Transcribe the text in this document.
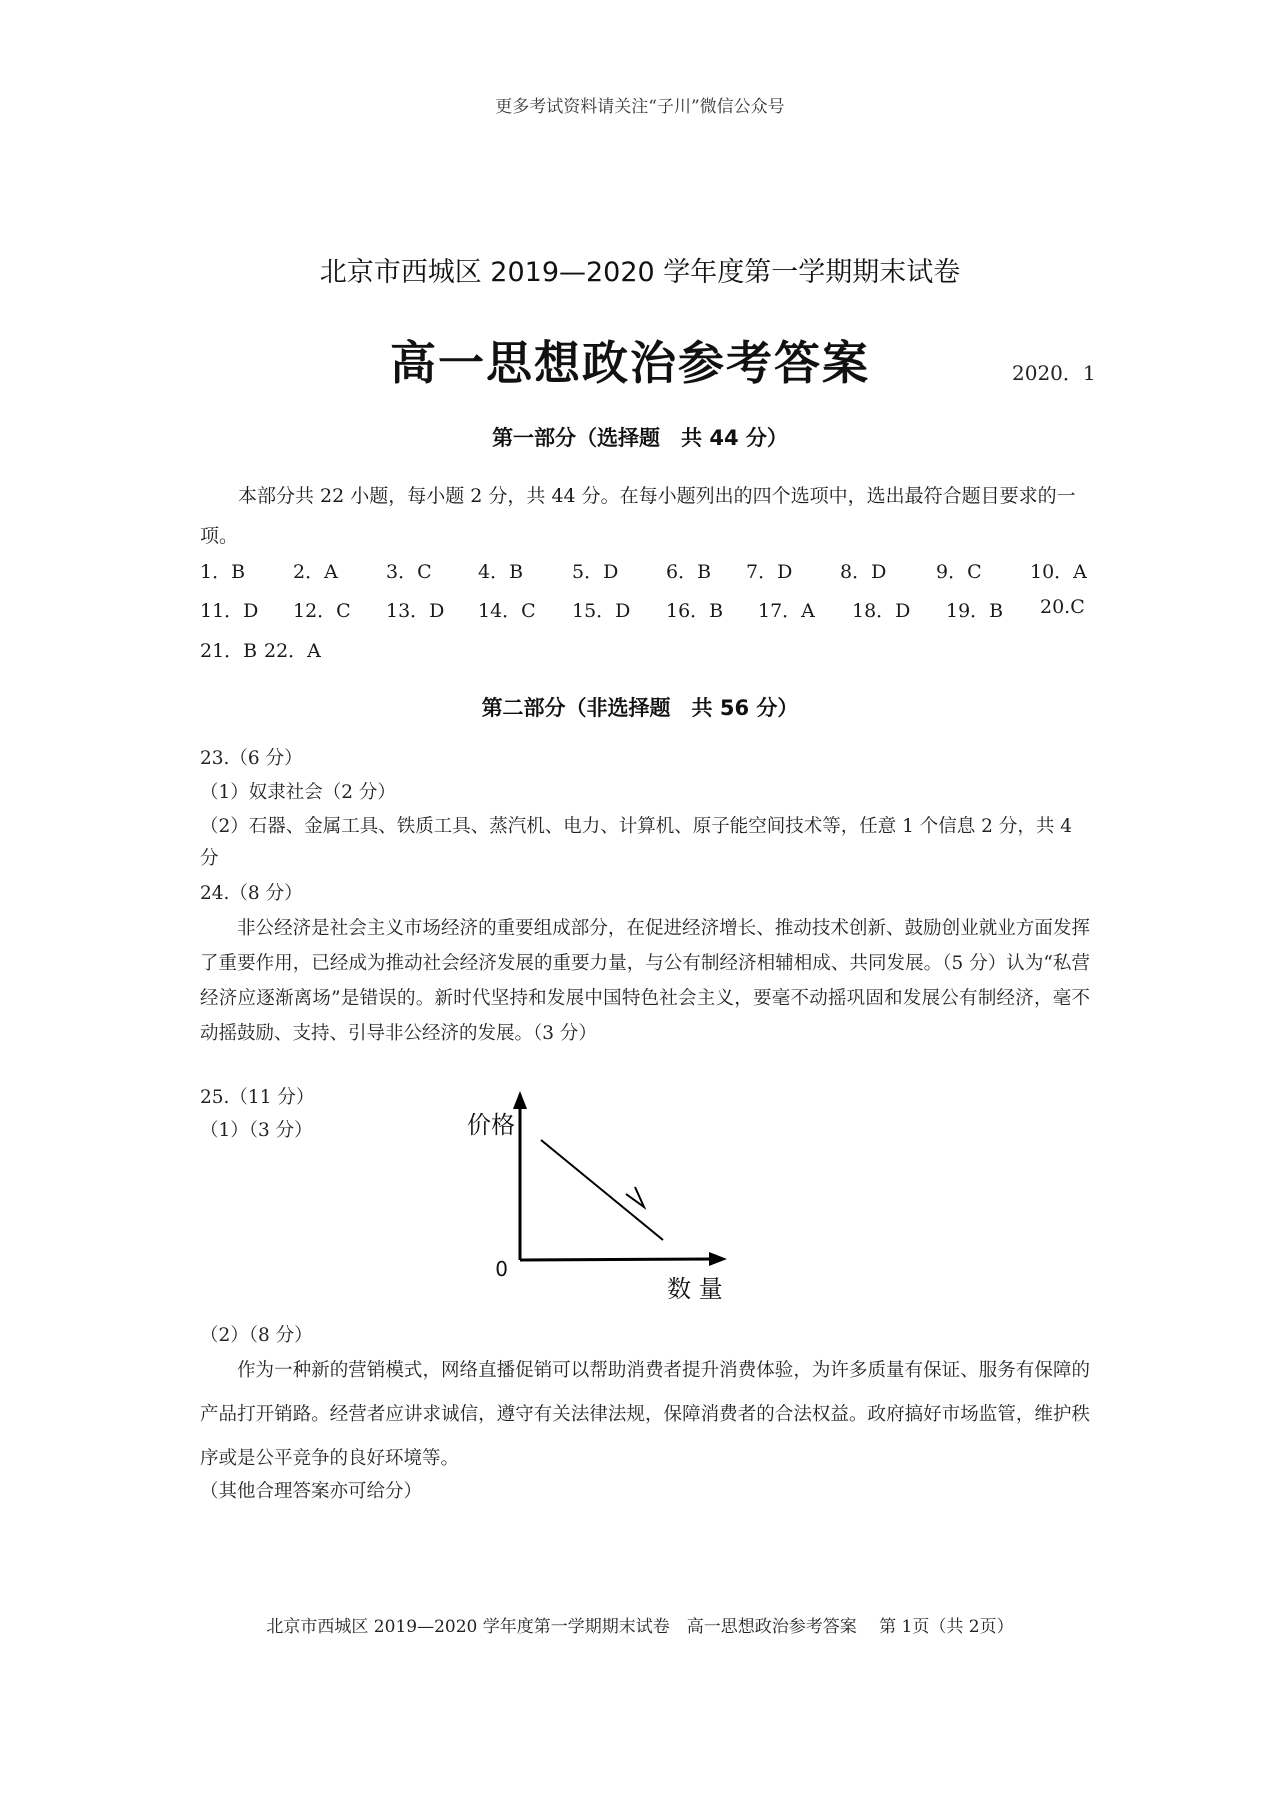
更多考试资料请关注“子川”微信公众号
北京市西城区 2019—2020 学年度第一学期期末试卷
高一思想政治参考答案	2020．1
第一部分（选择题　共 44 分）
本部分共 22 小题，每小题 2 分，共 44 分。在每小题列出的四个选项中，选出最符合题目要求的一项。
1．B	2．A	3．C 4．B	5．D	6．B 7．D	8．D	9．C	10．A
11．D 12．C 13．D 14．C 15．D 16．B 17．A 18．D 19．B 20.C
21．B 22．A
第二部分（非选择题　共 56 分）
23.（6 分）
（1）奴隶社会（2 分）
（2）石器、金属工具、铁质工具、蒸汽机、电力、计算机、原子能空间技术等，任意 1 个信息 2 分，共 4 分
24.（8 分）
非公经济是社会主义市场经济的重要组成部分，在促进经济增长、推动技术创新、鼓励创业就业方面发挥了重要作用，已经成为推动社会经济发展的重要力量，与公有制经济相辅相成、共同发展。（5 分）认为“私营经济应逐渐离场”是错误的。新时代坚持和发展中国特色社会主义，要毫不动摇巩固和发展公有制经济，毫不动摇鼓励、支持、引导非公经济的发展。（3 分）
25.（11 分）
（1）（3 分）	价格
0
数 量
（2）（8 分）
作为一种新的营销模式，网络直播促销可以帮助消费者提升消费体验，为许多质量有保证、服务有保障的产品打开销路。经营者应讲求诚信，遵守有关法律法规，保障消费者的合法权益。政府搞好市场监管，维护秩序或是公平竞争的良好环境等。
（其他合理答案亦可给分）
北京市西城区 2019—2020 学年度第一学期期末试卷　高一思想政治参考答案　 第 1页（共 2页）
